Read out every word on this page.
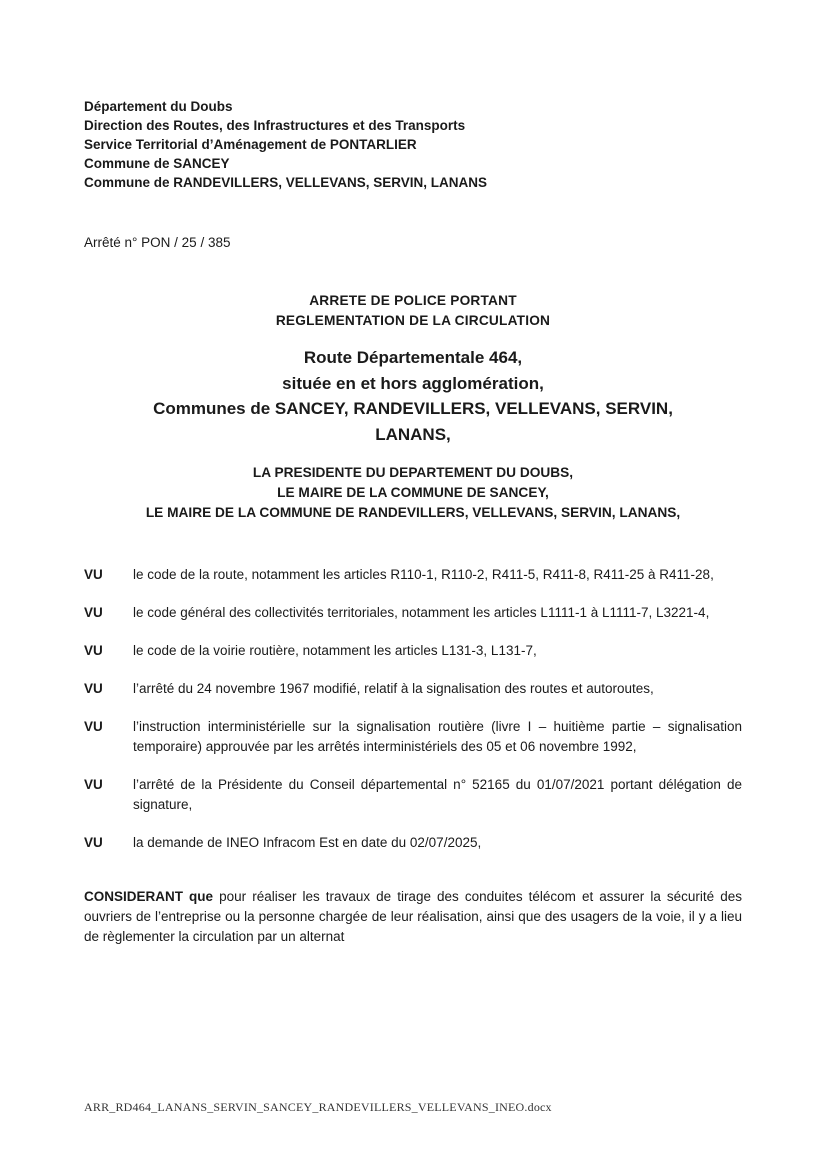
Département du Doubs
Direction des Routes, des Infrastructures et des Transports
Service Territorial d’Aménagement de PONTARLIER
Commune de SANCEY
Commune de RANDEVILLERS, VELLEVANS, SERVIN, LANANS
Arrêté n° PON / 25 / 385
ARRETE DE POLICE PORTANT
REGLEMENTATION DE LA CIRCULATION
Route Départementale 464,
située en et hors agglomération,
Communes de SANCEY, RANDEVILLERS, VELLEVANS, SERVIN,
LANANS,
LA PRESIDENTE DU DEPARTEMENT DU DOUBS,
LE MAIRE DE LA COMMUNE DE SANCEY,
LE MAIRE DE LA COMMUNE DE RANDEVILLERS, VELLEVANS, SERVIN, LANANS,
VU	le code de la route, notamment les articles R110-1, R110-2, R411-5, R411-8, R411-25 à R411-28,
VU	le code général des collectivités territoriales, notamment les articles L1111-1 à L1111-7, L3221-4,
VU	le code de la voirie routière, notamment les articles L131-3, L131-7,
VU	l’arrêté du 24 novembre 1967 modifié, relatif à la signalisation des routes et autoroutes,
VU	l’instruction interministérielle sur la signalisation routière (livre I – huitième partie – signalisation temporaire) approuvée par les arrêtés interministériels des 05 et 06 novembre 1992,
VU	l’arrêté de la Présidente du Conseil départemental n° 52165 du 01/07/2021 portant délégation de signature,
VU	la demande de INEO Infracom Est en date du 02/07/2025,
CONSIDERANT que pour réaliser les travaux de tirage des conduites télécom et assurer la sécurité des ouvriers de l’entreprise ou la personne chargée de leur réalisation, ainsi que des usagers de la voie, il y a lieu de règlementer la circulation par un alternat
ARR_RD464_LANANS_SERVIN_SANCEY_RANDEVILLERS_VELLEVANS_INEO.docx
